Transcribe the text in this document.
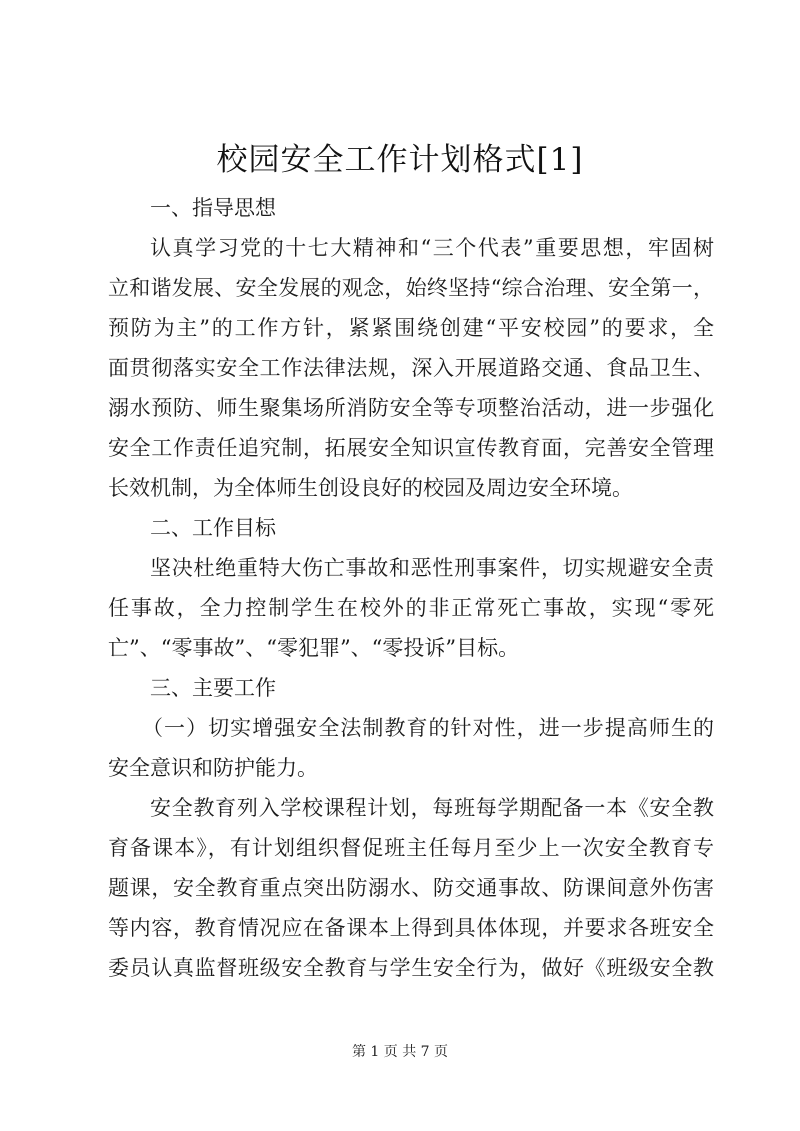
校园安全工作计划格式[1]
一、指导思想
认真学习党的十七大精神和“三个代表”重要思想，牢固树
立和谐发展、安全发展的观念，始终坚持“综合治理、安全第一，
预防为主”的工作方针，紧紧围绕创建“平安校园”的要求，全
面贯彻落实安全工作法律法规，深入开展道路交通、食品卫生、
溺水预防、师生聚集场所消防安全等专项整治活动，进一步强化
安全工作责任追究制，拓展安全知识宣传教育面，完善安全管理
长效机制，为全体师生创设良好的校园及周边安全环境。
二、工作目标
坚决杜绝重特大伤亡事故和恶性刑事案件，切实规避安全责
任事故，全力控制学生在校外的非正常死亡事故，实现“零死
亡”、“零事故”、“零犯罪”、“零投诉”目标。
三、主要工作
（一）切实增强安全法制教育的针对性，进一步提高师生的
安全意识和防护能力。
安全教育列入学校课程计划，每班每学期配备一本《安全教
育备课本》，有计划组织督促班主任每月至少上一次安全教育专
题课，安全教育重点突出防溺水、防交通事故、防课间意外伤害
等内容，教育情况应在备课本上得到具体体现，并要求各班安全
委员认真监督班级安全教育与学生安全行为，做好《班级安全教
第 1 页 共 7 页
